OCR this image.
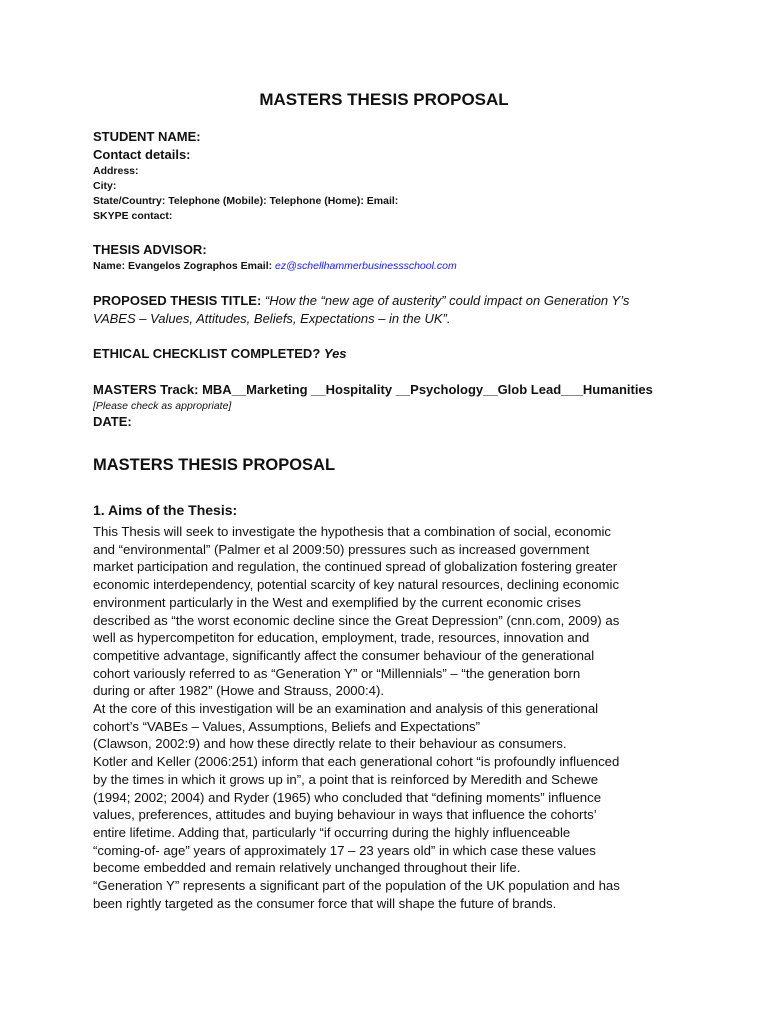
MASTERS THESIS PROPOSAL
STUDENT NAME:
Contact details:
Address:
City:
State/Country: Telephone (Mobile): Telephone (Home): Email:
SKYPE contact:
THESIS ADVISOR:
Name: Evangelos Zographos Email: ez@schellhammerbusinessschool.com
PROPOSED THESIS TITLE: “How the “new age of austerity” could impact on Generation Y’s
VABES – Values, Attitudes, Beliefs, Expectations – in the UK”.
ETHICAL CHECKLIST COMPLETED? Yes
MASTERS Track: MBA__Marketing __Hospitality __Psychology__Glob Lead___Humanities
[Please check as appropriate]
DATE:
MASTERS THESIS PROPOSAL
1. Aims of the Thesis:

This Thesis will seek to investigate the hypothesis that a combination of social, economic

and “environmental” (Palmer et al 2009:50) pressures such as increased government

market participation and regulation, the continued spread of globalization fostering greater

economic interdependency, potential scarcity of key natural resources, declining economic

environment particularly in the West and exemplified by the current economic crises

described as “the worst economic decline since the Great Depression” (cnn.com, 2009) as

well as hypercompetiton for education, employment, trade, resources, innovation and

competitive advantage, significantly affect the consumer behaviour of the generational

cohort variously referred to as “Generation Y” or “Millennials” – “the generation born

during or after 1982” (Howe and Strauss, 2000:4).

At the core of this investigation will be an examination and analysis of this generational

cohort’s “VABEs – Values, Assumptions, Beliefs and Expectations”

(Clawson, 2002:9) and how these directly relate to their behaviour as consumers.

Kotler and Keller (2006:251) inform that each generational cohort “is profoundly influenced

by the times in which it grows up in”, a point that is reinforced by Meredith and Schewe

(1994; 2002; 2004) and Ryder (1965) who concluded that “defining moments” influence

values, preferences, attitudes and buying behaviour in ways that influence the cohorts’

entire lifetime. Adding that, particularly “if occurring during the highly influenceable

“coming-of- age” years of approximately 17 – 23 years old” in which case these values

become embedded and remain relatively unchanged throughout their life.

“Generation Y” represents a significant part of the population of the UK population and has

been rightly targeted as the consumer force that will shape the future of brands.
